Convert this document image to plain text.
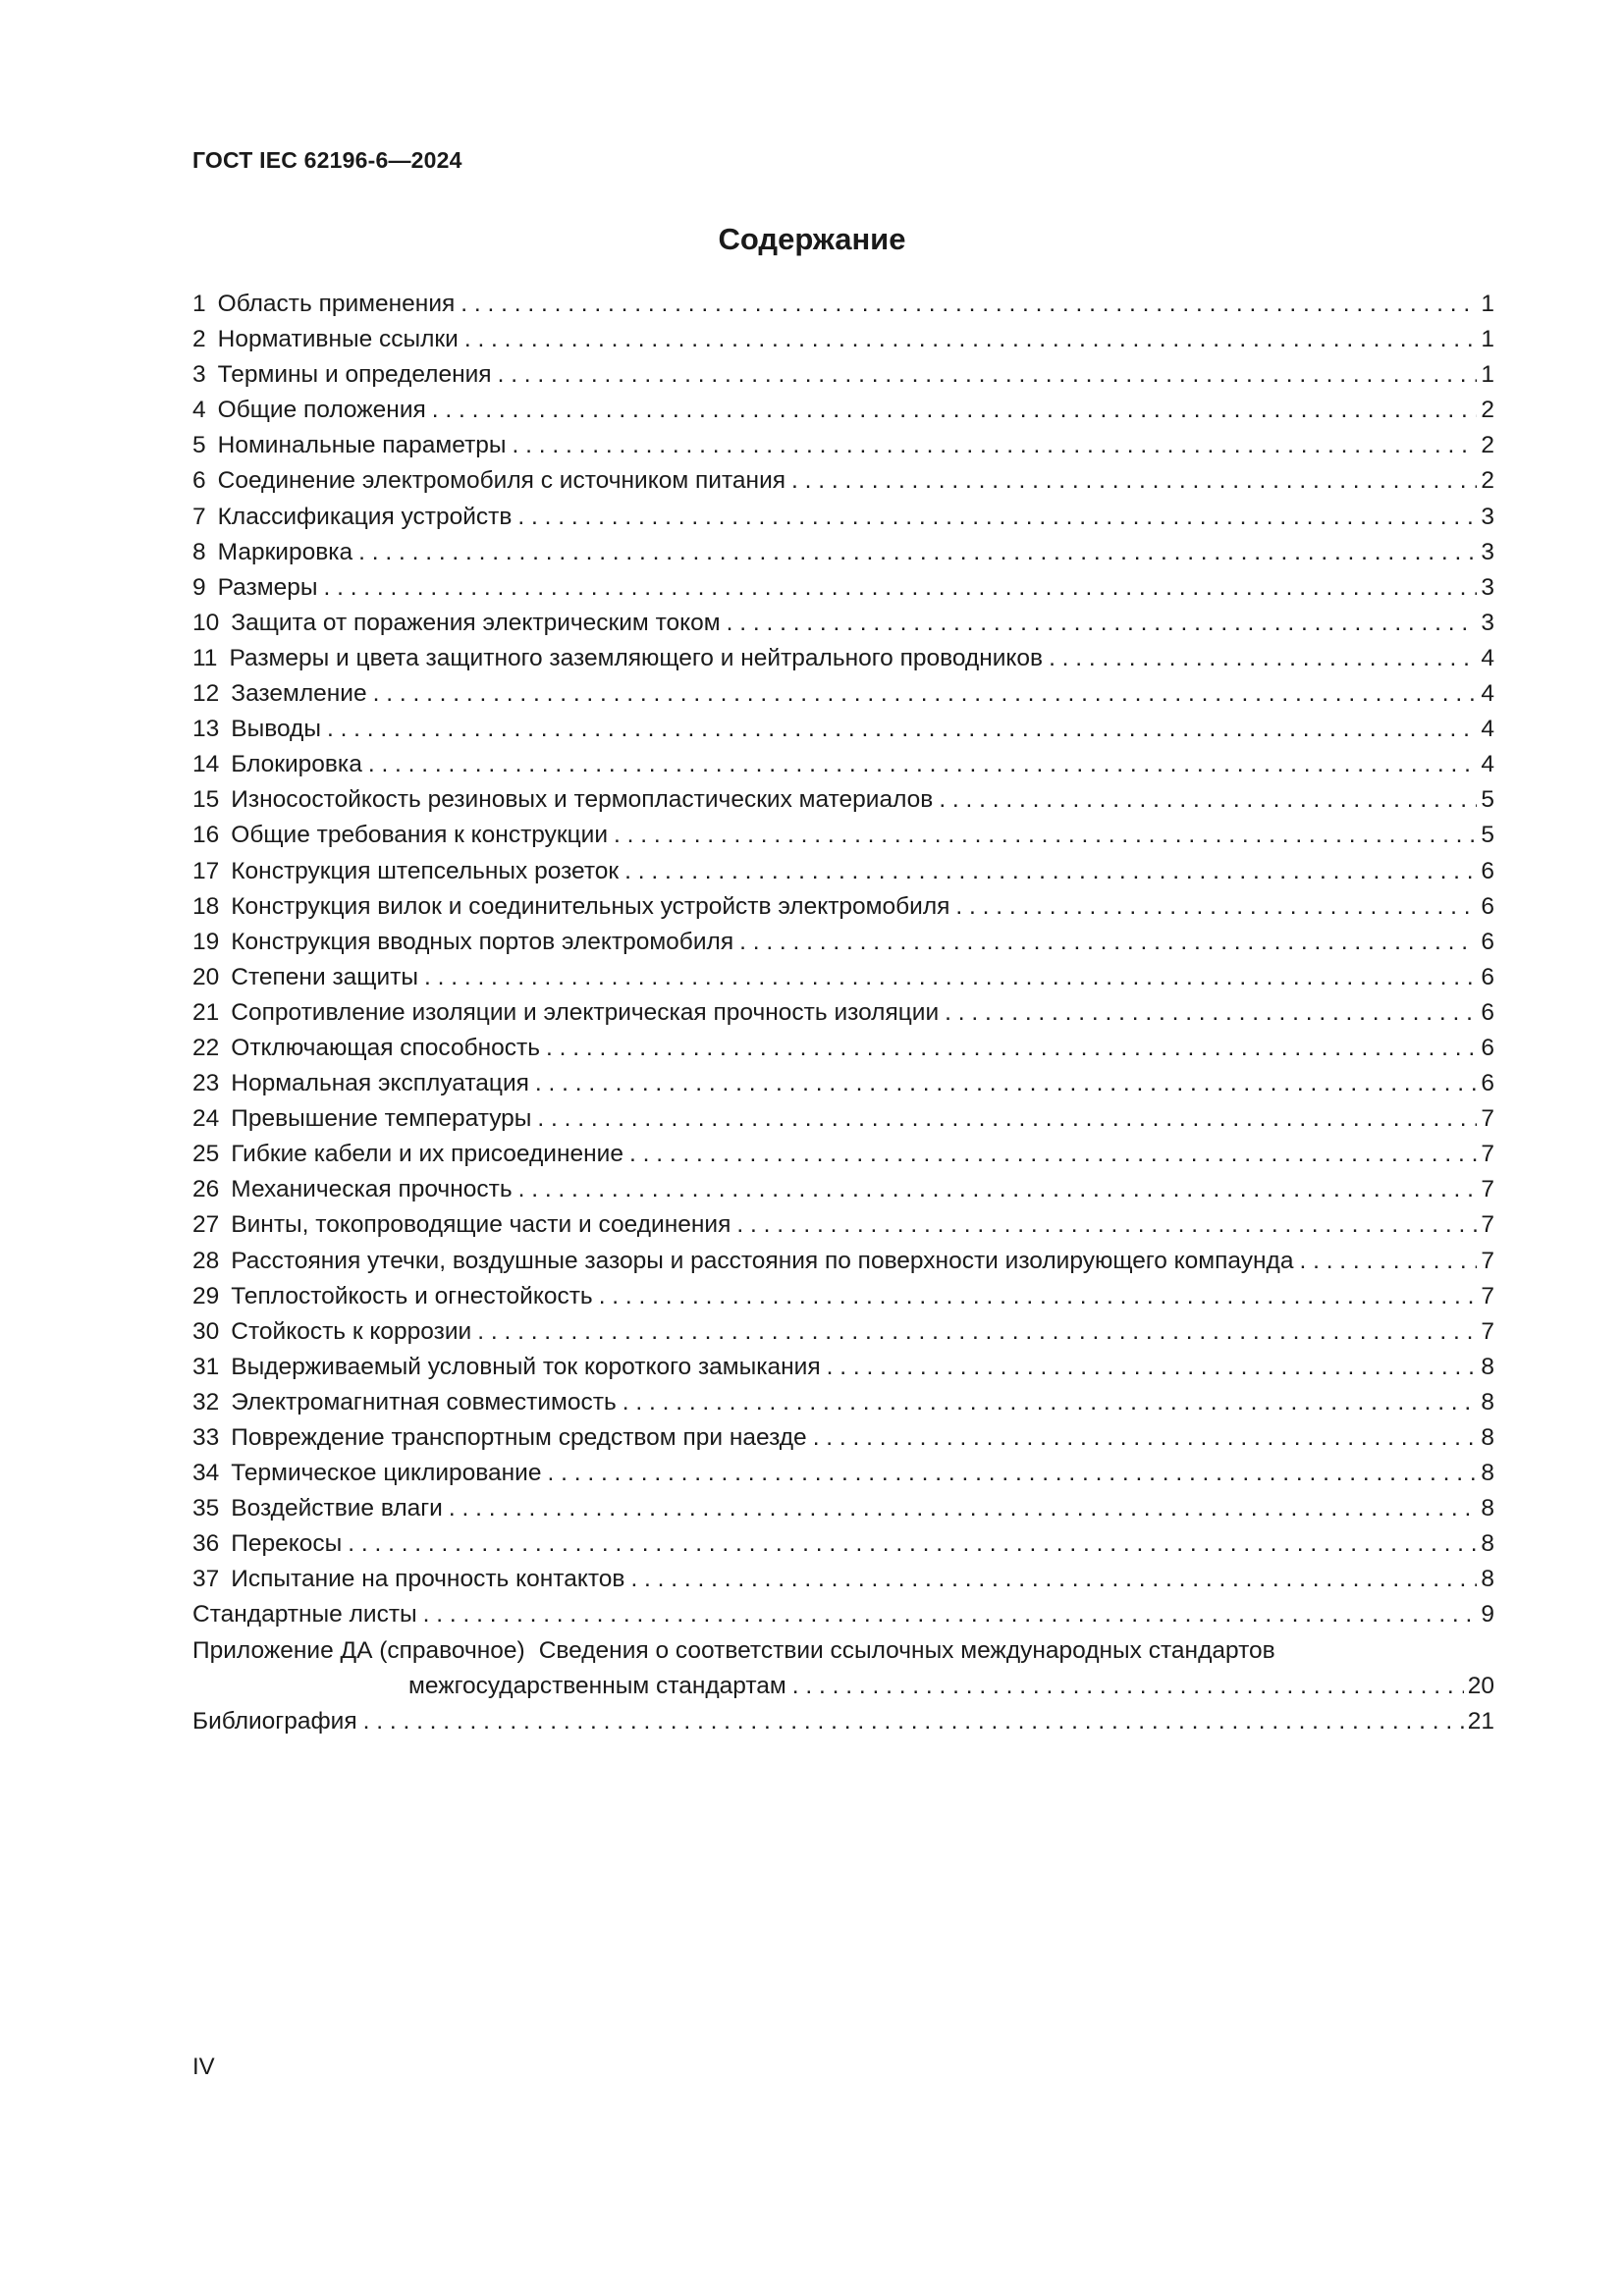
ГОСТ IEC 62196-6—2024
Содержание
1 Область применения . . .	1
2 Нормативные ссылки . . .	1
3 Термины и определения . . .	1
4 Общие положения . . .	2
5 Номинальные параметры . . .	2
6 Соединение электромобиля с источником питания . . .	2
7 Классификация устройств . . .	3
8 Маркировка . . .	3
9 Размеры . . .	3
10 Защита от поражения электрическим током . . .	3
11 Размеры и цвета защитного заземляющего и нейтрального проводников . . .	4
12 Заземление . . .	4
13 Выводы . . .	4
14 Блокировка . . .	4
15 Износостойкость резиновых и термопластических материалов . . .	5
16 Общие требования к конструкции . . .	5
17 Конструкция штепсельных розеток . . .	6
18 Конструкция вилок и соединительных устройств электромобиля . . .	6
19 Конструкция вводных портов электромобиля . . .	6
20 Степени защиты . . .	6
21 Сопротивление изоляции и электрическая прочность изоляции . . .	6
22 Отключающая способность . . .	6
23 Нормальная эксплуатация . . .	6
24 Превышение температуры . . .	7
25 Гибкие кабели и их присоединение . . .	7
26 Механическая прочность . . .	7
27 Винты, токопроводящие части и соединения . . .	7
28 Расстояния утечки, воздушные зазоры и расстояния по поверхности изолирующего компаунда . . .	7
29 Теплостойкость и огнестойкость . . .	7
30 Стойкость к коррозии . . .	7
31 Выдерживаемый условный ток короткого замыкания . . .	8
32 Электромагнитная совместимость . . .	8
33 Повреждение транспортным средством при наезде . . .	8
34 Термическое циклирование . . .	8
35 Воздействие влаги . . .	8
36 Перекосы . . .	8
37 Испытание на прочность контактов . . .	8
Стандартные листы . . .	9
Приложение ДА (справочное) Сведения о соответствии ссылочных международных стандартов
межгосударственным стандартам . . .	20
Библиография . . .	21
IV
